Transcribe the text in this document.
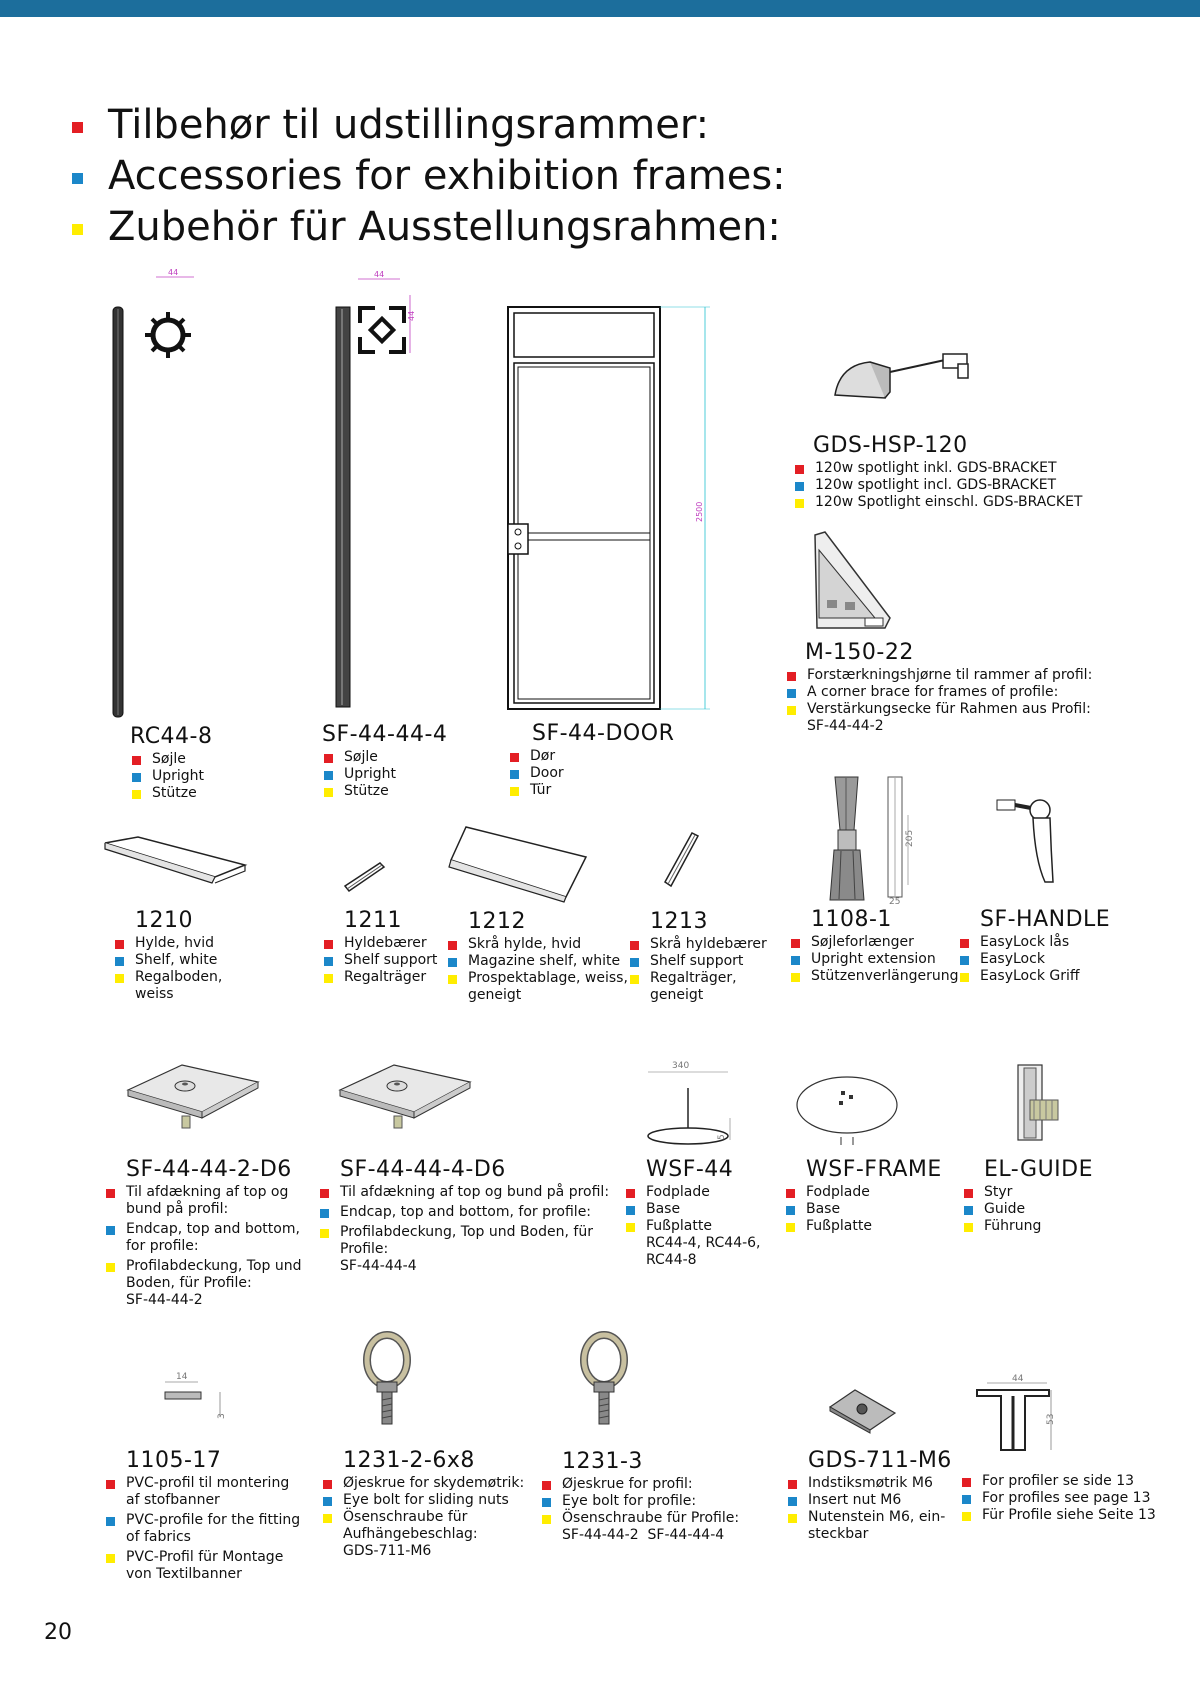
Tilbehør til udstillingsrammer:
Accessories for exhibition frames:
Zubehör für Ausstellungsrahmen:
44	44
44
2500
205
25
340
5
14
3
44
53
RC44-8
Søjle
Upright
Stütze
SF-44-44-4
Søjle
Upright
Stütze
SF-44-DOOR
Dør
Door
Tür
GDS-HSP-120
120w spotlight inkl. GDS-BRACKET
120w spotlight incl. GDS-BRACKET
120w Spotlight einschl. GDS-BRACKET
M-150-22
Forstærkningshjørne til rammer af profil:
A corner brace for frames of profile:
Verstärkungsecke für Rahmen aus Profil:
SF-44-44-2
1210
Hylde, hvid
Shelf, white
Regalboden,
weiss
1211
Hyldebærer
Shelf support
Regalträger
1212
Skrå hylde, hvid
Magazine shelf, white
Prospektablage, weiss,
geneigt
1213
Skrå hyldebærer
Shelf support
Regalträger,
geneigt
1108-1
Søjleforlænger
Upright extension
Stützenverlängerung
SF-HANDLE
EasyLock lås
EasyLock
EasyLock Griff
SF-44-44-2-D6
Til afdækning af top og
bund på profil:
Endcap, top and bottom,
for profile:
Profilabdeckung, Top und
Boden, für Profile:
SF-44-44-2
SF-44-44-4-D6
Til afdækning af top og bund på profil:
Endcap, top and bottom, for profile:
Profilabdeckung, Top und Boden, für
Profile:
SF-44-44-4
WSF-44
Fodplade
Base
Fußplatte
RC44-4, RC44-6,
RC44-8
WSF-FRAME
Fodplade
Base
Fußplatte
EL-GUIDE
Styr
Guide
Führung
1105-17
PVC-profil til montering
af stofbanner
PVC-profile for the fitting
of fabrics
PVC-Profil für Montage
von Textilbanner
1231-2-6x8
Øjeskrue for skydemøtrik:
Eye bolt for sliding nuts
Ösenschraube für
Aufhängebeschlag:
GDS-711-M6
1231-3
Øjeskrue for profil:
Eye bolt for profile:
Ösenschraube für Profile:
SF-44-44-2  SF-44-44-4
GDS-711-M6
Indstiksmøtrik M6
Insert nut M6
Nutenstein M6, ein-
steckbar
For profiler se side 13
For profiles see page 13
Für Profile siehe Seite 13
20
